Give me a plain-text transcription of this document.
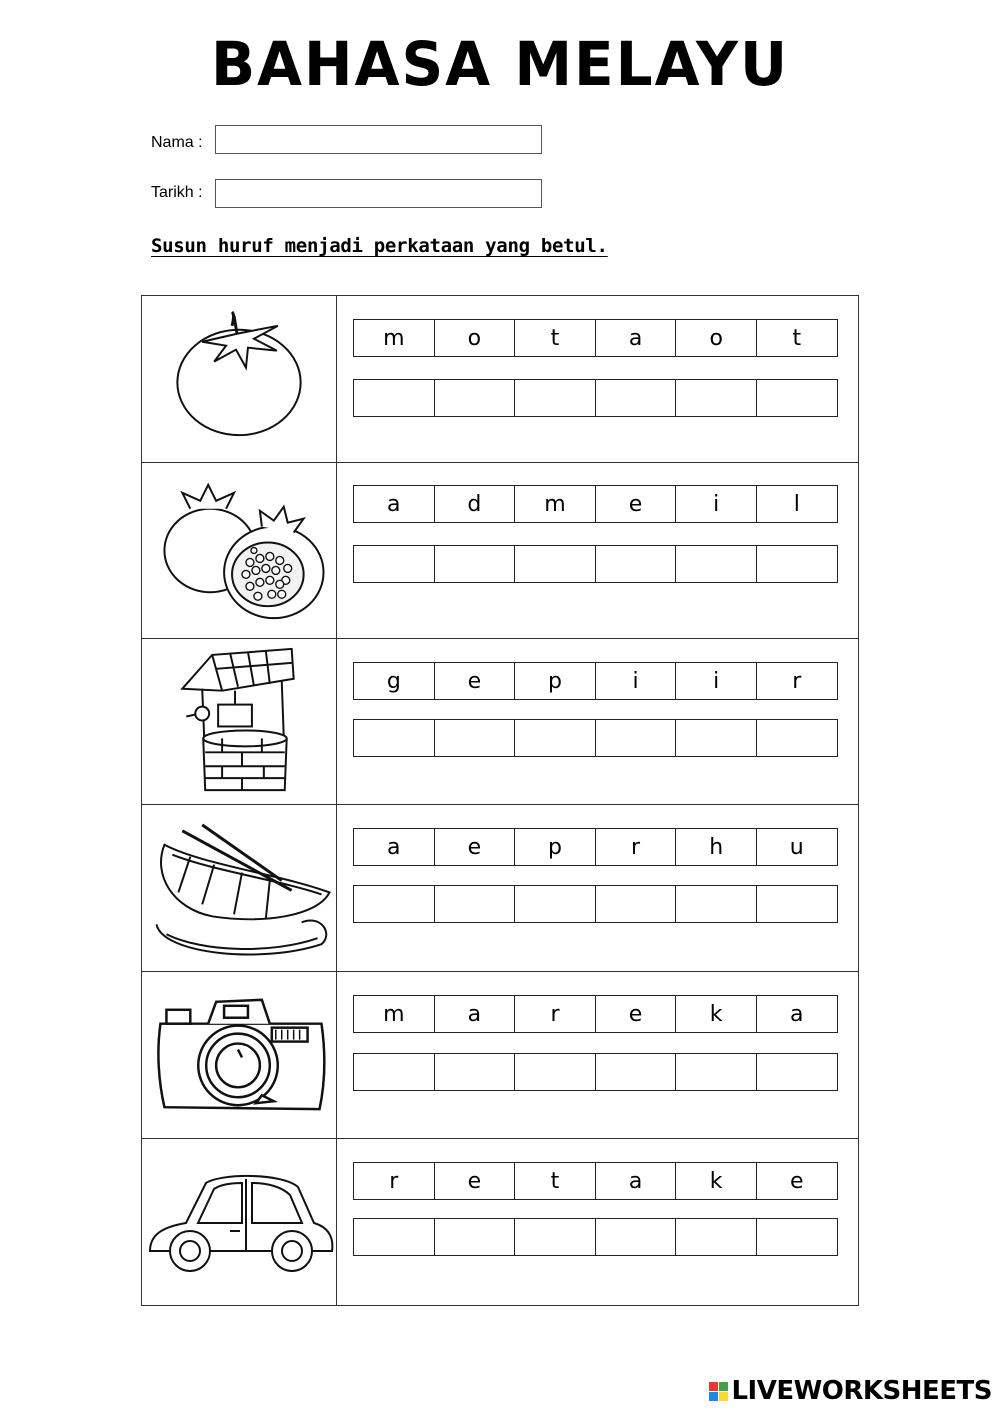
BAHASA MELAYU
Nama :
Tarikh :
Susun huruf menjadi perkataan yang betul.
m	o	t	a	o	t
a	d	m	e	i	l
g	e	p	i	i	r
a	e	p	r	h	u
m	a	r	e	k	a
r	e	t	a	k	e
LIVEWORKSHEETS
